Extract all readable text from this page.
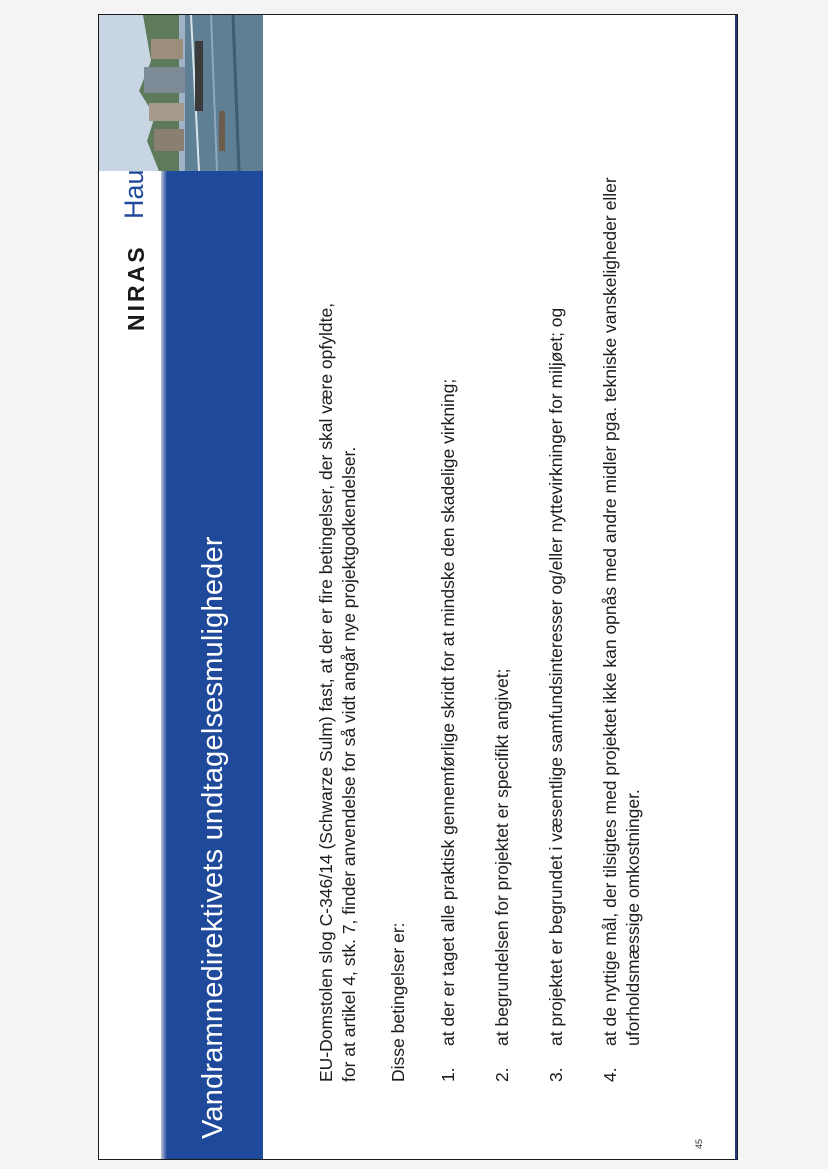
NIRAS
Vandrammedirektivets undtagelsesmuligheder	EU-Domstolen slog C-346/14 (Schwarze Sulm) fast, at der er fire betingelser, der skal være opfyldte, for at artikel 4, stk. 7, finder anvendelse for så vidt angår nye projektgodkendelser. Disse betingelser er: 1.
at der er taget alle praktisk gennemførlige skridt for at mindske den skadelige virkning;
2.
at begrundelsen for projektet er specifikt angivet;
3.
at projektet er begrundet i væsentlige samfundsinteresser og/eller nyttevirkninger for miljøet; og
4.
at de nyttige mål, der tilsigtes med projektet ikke kan opnås med andre midler pga. tekniske vanskeligheder eller uforholdsmæssige omkostninger.
45
